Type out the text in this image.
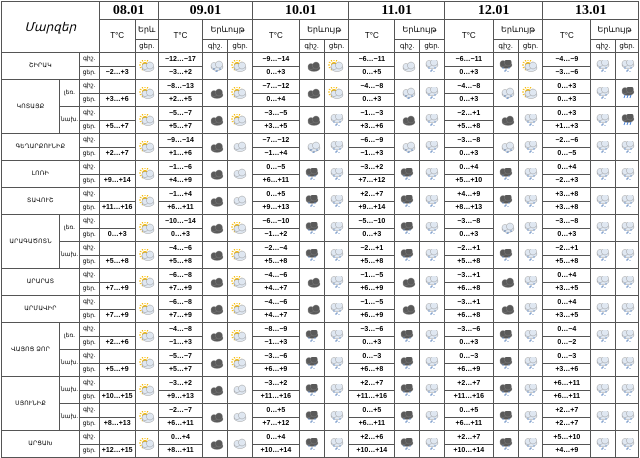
Մարզեր			08.01		09.01			10.01			11.01			12.01			13.01		
			T°C	Երև	T°C	Երևույթ		T°C	Երևույթ		T°C	Երևույթ		T°C	Երևույթ		T°C	Երևույթ	
				ցեր.		գիշ.	ցեր.		գիշ.	ցեր.		գիշ.	ցեր.		գիշ.	ցեր.		գիշ.	ցեր.
ՇԻՐԱԿ		գիշ.			−12…−17			−9…−14			−6…−11			−6…−11			−4…−9	

		ցեր.	−2…+3		−3…+2			0…+3			0…+5			0…+3			−3…−6		
ԿՈՏԱՅՔ	լեռ.	գիշ.			−8…−13			−7…−12			−4…−8			−4…−8			0…+3	

		ցեր.	+3…+6		+2…+5			0…+4			0…+3			0…+3			0…+3		
	նախ.	գիշ.			−5…−7			−3…−5			−1…−3			−2…+1			0…+3	

		ցեր.	+5…+7		+5…+7			+3…+5			+3…+6			+5…+8			+1…+3		
ԳԵՂԱՐՔՈՒՆԻՔ		գիշ.			−9…−14			−7…−12			−6…−9			−3…−8			−2…−6	

		ցեր.	+2…+7		+1…+6			−1…+4			−1…+3			0…+3			0…−5		
ԼՈՌԻ		գիշ.			−1…−6			0…−5			−3…+2			0…+4			0…+4	

		ցեր.	+9…+14		+4…+9			+6…+11			+7…+12			+5…+10			−2…+3		
ՏԱՎՈՒՇ		գիշ.			−1…+4			0…+5			+2…+7			+4…+9			+3…+8	

		ցեր.	+11…+16		+6…+11			+9…+13			+9…+14			+8…+13			+3…+8		
ԱՐԱԳԱԾՈՏՆ	լեռ.	գիշ.			−10…−14			−6…−10			−5…−10			−3…−8			−3…−8	

		ցեր.	0…+3		0…+3			−1…+2			0…+3			0…+3			0…+3		
	նախ.	գիշ.			−4…−6			−2…−4			−2…+1			−2…+1			−2…+1	

		ցեր.	+5…+8		+5…+8			+5…+8			+5…+8			+5…+8			+5…+8		
ԱՐԱՐԱՏ		գիշ.			−6…−8			−4…−6			−1…−5			−3…+1			0…+4	

		ցեր.	+7…+9		+7…+9			+4…+7			+6…+9			+6…+8			+3…+5		
ԱՐՄԱՎԻՐ		գիշ.			−6…−8			−4…−6			−1…−5			−3…+1			0…+4	

		ցեր.	+7…+9		+7…+9			+4…+7			+6…+9			+6…+8			+3…+5		
ՎԱՅՈՑ ՁՈՐ	լեռ.	գիշ.			−4…−8			−8…−9			−3…−6			−3…−6			0…−4	

		ցեր.	+2…+6		−1…+3			−1…+3			0…+3			0…+3			0…−2		
	նախ.	գիշ.			−5…−7			−3…−6			0…−3			0…−3			0…−3	

		ցեր.	+5…+9		+5…+7			+6…+9			+6…+8			+6…+9			+3…+6		
ՍՅՈՒՆԻՔ	նախ.	գիշ.			−3…+2			−3…+2			+2…+7			+2…+7			+6…+11	

		ցեր.	+10…+15		+9…+13			+11…+16			+11…+16			+11…+16			+6…+11		
	նախ.	գիշ.			−2…−7			0…+5			0…+5			0…+5			+2…+7	

		ցեր.	+8…+13		+6…+11			+7…+12			+6…+11			+6…+11			+2…+7		
ԱՐՑԱԽ		գիշ.			0…+4			0…+4			+2…+6			+2…+7			+5…+10	

		ցեր.	+12…+15		+8…+11			+10…+14			+10…+14			+10…+14			+4…+9		
